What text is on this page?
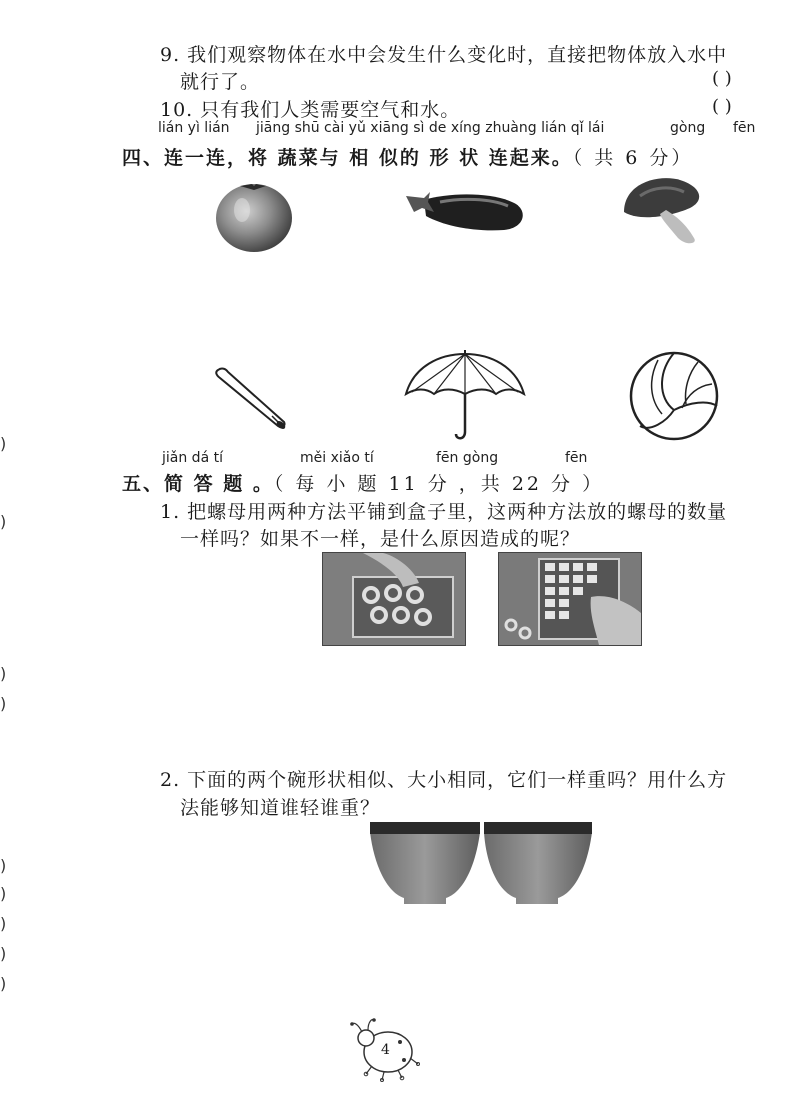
)
)
)
)
)
)
)
)
)
9. 我们观察物体在水中会发生什么变化时，直接把物体放入水中
就行了。	( )
10. 只有我们人类需要空气和水。	( )
lián yì lián jiāng shū cài yǔ xiāng sì de xíng zhuàng lián qǐ lái	gòng fēn
四、连一连，将 蔬菜与 相 似的 形 状 连起来。（ 共 6 分）
jiǎn dá tí	měi xiǎo tí	fēn gòng	fēn
五、简 答 题 。（ 每 小 题 11 分 ，共 22 分 ）
1. 把螺母用两种方法平铺到盒子里，这两种方法放的螺母的数量
一样吗？如果不一样，是什么原因造成的呢？
2. 下面的两个碗形状相似、大小相同，它们一样重吗？用什么方
法能够知道谁轻谁重？
4
